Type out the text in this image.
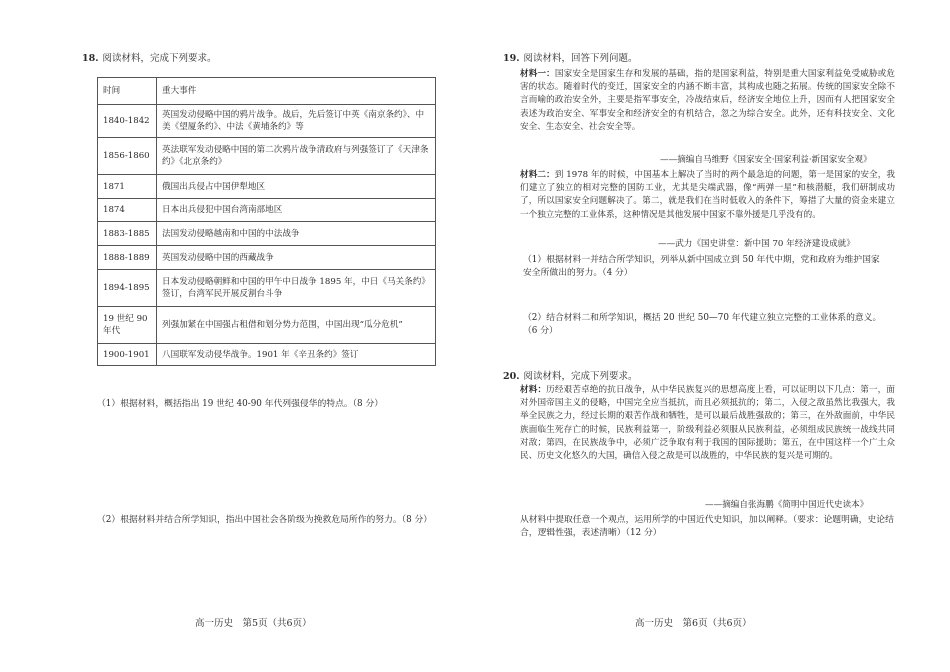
18. 阅读材料，完成下列要求。
时间	重大事件
1840-1842	英国发动侵略中国的鸦片战争。战后，先后签订中英《南京条约》、中美《望厦条约》、中法《黄埔条约》等
1856-1860	英法联军发动侵略中国的第二次鸦片战争清政府与列强签订了《天津条约》《北京条约》
1871	俄国出兵侵占中国伊犁地区
1874	日本出兵侵犯中国台湾南部地区
1883-1885	法国发动侵略越南和中国的中法战争
1888-1889	英国发动侵略中国的西藏战争
1894-1895	日本发动侵略朝鲜和中国的甲午中日战争 1895 年，中日《马关条约》签订，台湾军民开展反割台斗争
19 世纪 90 年代	列强加紧在中国强占租借和划分势力范围，中国出现“瓜分危机”
1900-1901	八国联军发动侵华战争。1901 年《辛丑条约》签订
（1）根据材料，概括指出 19 世纪 40-90 年代列强侵华的特点。（8 分）
（2）根据材料并结合所学知识，指出中国社会各阶级为挽救危局所作的努力。（8 分）
高一历史　第5页（共6页）
19. 阅读材料，回答下列问题。
材料一：国家安全是国家生存和发展的基础，指的是国家利益，特别是重大国家利益免受威胁或危害的状态。随着时代的变迁，国家安全的内涵不断丰富，其构成也随之拓展。传统的国家安全除不言而喻的政治安全外，主要是指军事安全，冷战结束后，经济安全地位上升，因而有人把国家安全表述为政治安全、军事安全和经济安全的有机结合，忽之为综合安全。此外，还有科技安全、文化安全、生态安全、社会安全等。
——摘编自马维野《国家安全·国家利益·新国家安全观》
材料二：到 1978 年的时候，中国基本上解决了当时的两个最急迫的问题，第一是国家的安全，我们建立了独立的相对完整的国防工业，尤其是尖端武器，像“两弹一星”和核潜艇，我们研制成功了，所以国家安全问题解决了。第二，就是我们在当时低收入的条件下，筹措了大量的资金来建立一个独立完整的工业体系，这种情况是其他发展中国家不靠外援是几乎没有的。
——武力《国史讲堂：新中国 70 年经济建设成就》
（1）根据材料一并结合所学知识，列举从新中国成立到 50 年代中期，党和政府为维护国家安全所做出的努力。（4 分）
（2）结合材料二和所学知识，概括 20 世纪 50—70 年代建立独立完整的工业体系的意义。（6 分）
20. 阅读材料，完成下列要求。
材料：历经艰苦卓绝的抗日战争，从中华民族复兴的思想高度上看，可以证明以下几点：第一，面对外国帝国主义的侵略，中国完全应当抵抗，而且必须抵抗的；第二，入侵之敌虽然比我强大，我举全民族之力，经过长期的艰苦作战和牺牲，是可以最后战胜强敌的；第三，在外敌面前，中华民族面临生死存亡的时候，民族利益第一，阶级利益必须服从民族利益，必须组成民族统一战线共同对敌；第四，在民族战争中，必须广泛争取有利于我国的国际援助；第五，在中国这样一个广土众民、历史文化悠久的大国，确信入侵之敌是可以战胜的，中华民族的复兴是可期的。
——摘编自张海鹏《简明中国近代史读本》
从材料中提取任意一个观点，运用所学的中国近代史知识，加以阐释。（要求：论题明确，史论结合，逻辑性强，表述清晰）（12 分）
高一历史　第6页（共6页）
